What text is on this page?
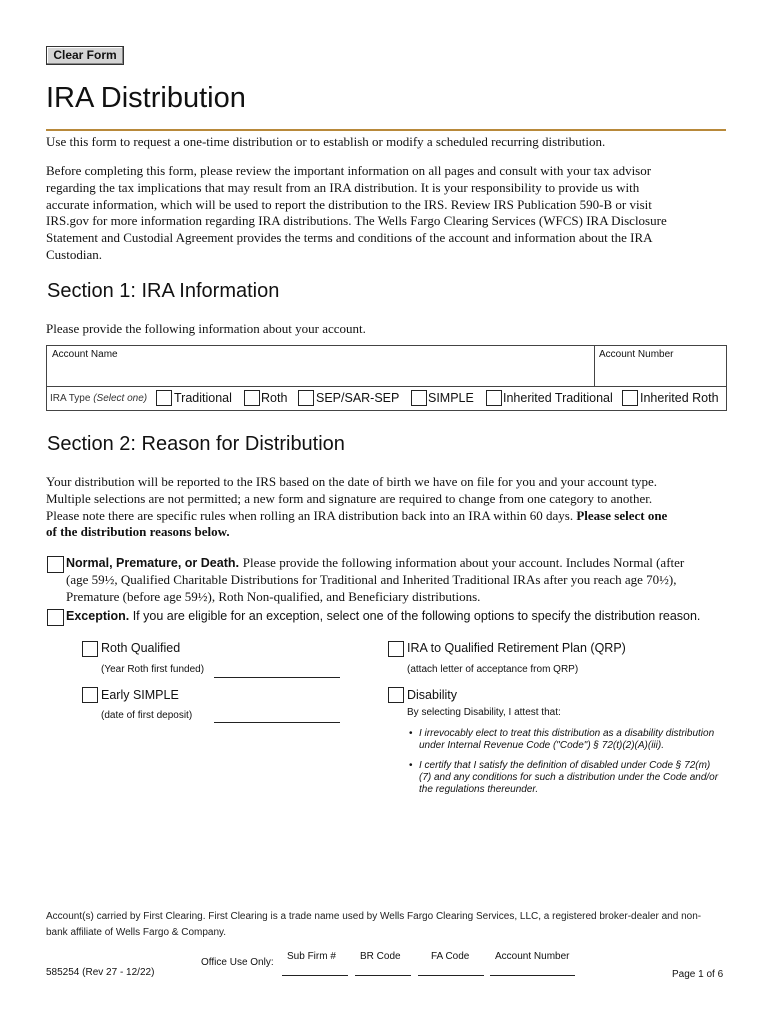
Clear Form
IRA Distribution
Use this form to request a one-time distribution or to establish or modify a scheduled recurring distribution.
Before completing this form, please review the important information on all pages and consult with your tax advisor
regarding the tax implications that may result from an IRA distribution. It is your responsibility to provide us with
accurate information, which will be used to report the distribution to the IRS. Review IRS Publication 590-B or visit
IRS.gov for more information regarding IRA distributions. The Wells Fargo Clearing Services (WFCS) IRA Disclosure
Statement and Custodial Agreement provides the terms and conditions of the account and information about the IRA
Custodian.
Section 1: IRA Information
Please provide the following information about your account.
Account Name	Account Number
IRA Type (Select one) Traditional Roth SEP/SAR-SEP SIMPLE Inherited Traditional Inherited Roth
Section 2: Reason for Distribution
Your distribution will be reported to the IRS based on the date of birth we have on file for you and your account type.
Multiple selections are not permitted; a new form and signature are required to change from one category to another.
Please note there are specific rules when rolling an IRA distribution back into an IRA within 60 days. Please select one
of the distribution reasons below.
Normal, Premature, or Death. Please provide the following information about your account. Includes Normal (after
(age 59½, Qualified Charitable Distributions for Traditional and Inherited Traditional IRAs after you reach age 70½),
Premature (before age 59½), Roth Non-qualified, and Beneficiary distributions.
Exception. If you are eligible for an exception, select one of the following options to specify the distribution reason.
Roth Qualified
(Year Roth first funded)
Early SIMPLE
(date of first deposit)
IRA to Qualified Retirement Plan (QRP)
(attach letter of acceptance from QRP)
Disability
By selecting Disability, I attest that:
• I irrevocably elect to treat this distribution as a disability distribution
under Internal Revenue Code ("Code") § 72(t)(2)(A)(iii).
• I certify that I satisfy the definition of disabled under Code § 72(m)
(7) and any conditions for such a distribution under the Code and/or
the regulations thereunder.
Account(s) carried by First Clearing. First Clearing is a trade name used by Wells Fargo Clearing Services, LLC, a registered broker-dealer and non-
bank affiliate of Wells Fargo & Company.
Office Use Only:
Sub Firm # BR Code	FA Code	Account Number
585254 (Rev 27 - 12/22)	Page 1 of 6
